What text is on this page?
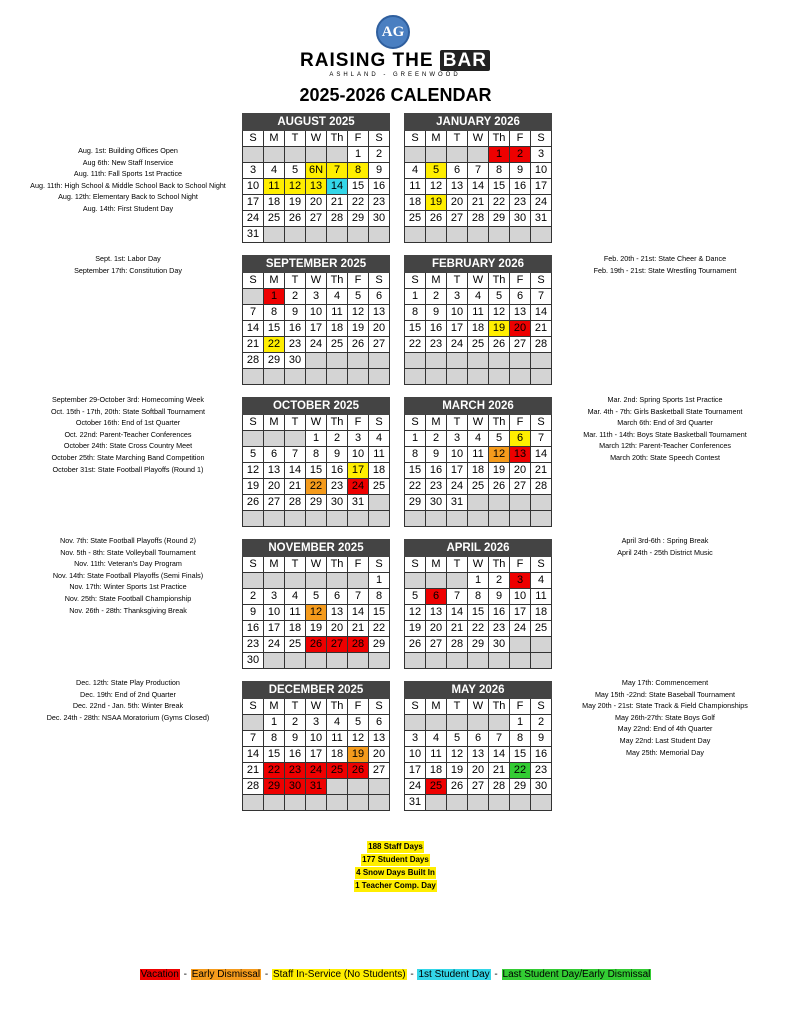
AG
RAISING THE BAR
ASHLAND - GREENWOOD
2025-2026 CALENDAR
AUGUST 2025						
S	M	T	W	Th	F	S
					1	2
3	4	5	6N	7	8	9
10	11	12	13	14	15	16
17	18	19	20	21	22	23
24	25	26	27	28	29	30
31						
JANUARY 2026						
S	M	T	W	Th	F	S
				1	2	3
4	5	6	7	8	9	10
11	12	13	14	15	16	17
18	19	20	21	22	23	24
25	26	27	28	29	30	31

SEPTEMBER 2025						
S	M	T	W	Th	F	S
	1	2	3	4	5	6
7	8	9	10	11	12	13
14	15	16	17	18	19	20
21	22	23	24	25	26	27
28	29	30				

FEBRUARY 2026						
S	M	T	W	Th	F	S
1	2	3	4	5	6	7
8	9	10	11	12	13	14
15	16	17	18	19	20	21
22	23	24	25	26	27	28

OCTOBER 2025						
S	M	T	W	Th	F	S
			1	2	3	4
5	6	7	8	9	10	11
12	13	14	15	16	17	18
19	20	21	22	23	24	25
26	27	28	29	30	31	

MARCH 2026						
S	M	T	W	Th	F	S
1	2	3	4	5	6	7
8	9	10	11	12	13	14
15	16	17	18	19	20	21
22	23	24	25	26	27	28
29	30	31				

NOVEMBER 2025						
S	M	T	W	Th	F	S
						1
2	3	4	5	6	7	8
9	10	11	12	13	14	15
16	17	18	19	20	21	22
23	24	25	26	27	28	29
30						
APRIL 2026						
S	M	T	W	Th	F	S
			1	2	3	4
5	6	7	8	9	10	11
12	13	14	15	16	17	18
19	20	21	22	23	24	25
26	27	28	29	30		

DECEMBER 2025						
S	M	T	W	Th	F	S
	1	2	3	4	5	6
7	8	9	10	11	12	13
14	15	16	17	18	19	20
21	22	23	24	25	26	27
28	29	30	31			

MAY 2026						
S	M	T	W	Th	F	S
					1	2
3	4	5	6	7	8	9
10	11	12	13	14	15	16
17	18	19	20	21	22	23
24	25	26	27	28	29	30
31						
Aug. 1st: Building Offices Open
Aug 6th: New Staff Inservice
Aug. 11th: Fall Sports 1st Practice
Aug. 11th: High School & Middle School Back to School Night
Aug. 12th: Elementary Back to School Night
Aug. 14th: First Student Day
Sept. 1st: Labor Day
September 17th: Constitution Day
September 29-October 3rd: Homecoming Week
Oct. 15th - 17th, 20th: State Softball Tournament
October 16th: End of 1st Quarter
Oct. 22nd: Parent-Teacher Conferences
October 24th: State Cross Country Meet
October 25th: State Marching Band Competition
October 31st: State Football Playoffs (Round 1)
Nov. 7th: State Football Playoffs (Round 2)
Nov. 5th - 8th: State Volleyball Tournament
Nov. 11th: Veteran's Day Program
Nov. 14th: State Football Playoffs (Semi Finals)
Nov. 17th: Winter Sports 1st Practice
Nov. 25th: State Football Championship
Nov. 26th - 28th: Thanksgiving Break
Dec. 12th: State Play Production
Dec. 19th: End of 2nd Quarter
Dec. 22nd - Jan. 5th: Winter Break
Dec. 24th - 28th: NSAA Moratorium (Gyms Closed)
Feb. 20th - 21st: State Cheer & Dance
Feb. 19th - 21st: State Wrestling Tournament
Mar. 2nd: Spring Sports 1st Practice
Mar. 4th - 7th: Girls Basketball State Tournament
March 6th: End of 3rd Quarter
Mar. 11th - 14th: Boys State Basketball Tournament
March 12th: Parent-Teacher Conferences
March 20th: State Speech Contest
April 3rd-6th : Spring Break
April 24th - 25th District Music
May 17th: Commencement
May 15th -22nd: State Baseball Tournament
May 20th - 21st: State Track & Field Championships
May 26th-27th: State Boys Golf
May 22nd: End of 4th Quarter
May 22nd: Last Student Day
May 25th: Memorial Day
188 Staff Days
177 Student Days
4 Snow Days Built In
1 Teacher Comp. Day
Vacation - Early Dismissal - Staff In-Service (No Students) - 1st Student Day - Last Student Day/Early Dismissal
